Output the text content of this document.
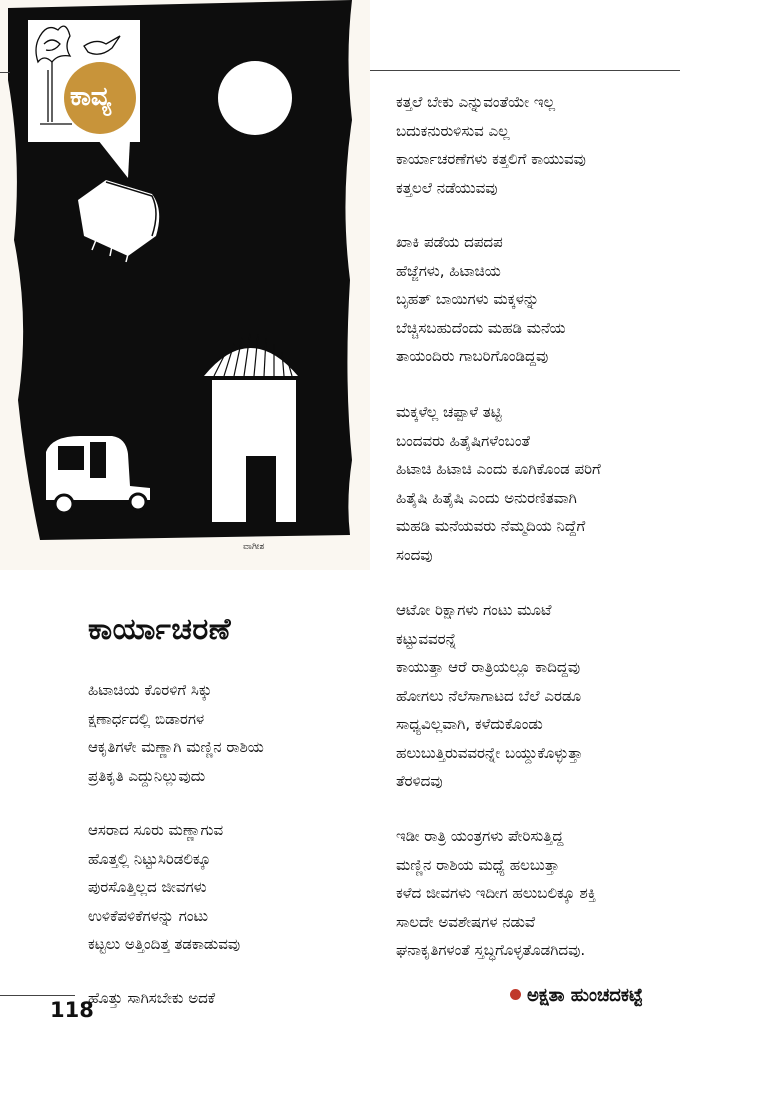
ಕಾವ್ಯ
ವಾಗೀಶ
ಕಾರ್ಯಾಚರಣೆ
ಹಿಟಾಚಿಯ ಕೊರಳಿಗೆ ಸಿಕ್ಕು
ಕ್ಷಣಾರ್ಧದಲ್ಲಿ ಬಿಡಾರಗಳ
ಆಕೃತಿಗಳೇ ಮಣ್ಣಾಗಿ ಮಣ್ಣಿನ ರಾಶಿಯ
ಪ್ರತಿಕೃತಿ ಎದ್ದುನಿಲ್ಲುವುದು
ಆಸರಾದ ಸೂರು ಮಣ್ಣಾಗುವ
ಹೊತ್ತಲ್ಲಿ ನಿಟ್ಟುಸಿರಿಡಲಿಕ್ಕೂ
ಪುರಸೊತ್ತಿಲ್ಲದ ಜೀವಗಳು
ಉಳಿಕೆಪಳಿಕೆಗಳನ್ನು ಗಂಟು
ಕಟ್ಟಲು ಅತ್ತಿಂದಿತ್ತ ತಡಕಾಡುವವು
ಹೊತ್ತು ಸಾಗಿಸಬೇಕು ಅದಕೆ
ಕತ್ತಲೆ ಬೇಕು ಎನ್ನುವಂತೆಯೇ ಇಲ್ಲ
ಬದುಕನುರುಳಿಸುವ ಎಲ್ಲ
ಕಾರ್ಯಾಚರಣೆಗಳು ಕತ್ತಲಿಗೆ ಕಾಯುವವು
ಕತ್ತಲಲೆ ನಡೆಯುವವು
ಖಾಕಿ ಪಡೆಯ ದಪದಪ
ಹೆಜ್ಜೆಗಳು, ಹಿಟಾಚಿಯ
ಬೃಹತ್ ಬಾಯಿಗಳು ಮಕ್ಕಳನ್ನು
ಬೆಚ್ಚಿಸಬಹುದೆಂದು ಮಹಡಿ ಮನೆಯ
ತಾಯಂದಿರು ಗಾಬರಿಗೊಂಡಿದ್ದವು
ಮಕ್ಕಳೆಲ್ಲ ಚಪ್ಪಾಳೆ ತಟ್ಟಿ
ಬಂದವರು ಹಿತೈಷಿಗಳೆಂಬಂತೆ
ಹಿಟಾಚಿ ಹಿಟಾಚಿ ಎಂದು ಕೂಗಿಕೊಂಡ ಪರಿಗೆ
ಹಿತೈಷಿ ಹಿತೈಷಿ ಎಂದು ಅನುರಣಿತವಾಗಿ
ಮಹಡಿ ಮನೆಯವರು ನೆಮ್ಮದಿಯ ನಿದ್ದೆಗೆ
ಸಂದವು
ಆಟೋ ರಿಕ್ಷಾಗಳು ಗಂಟು ಮೂಟೆ
ಕಟ್ಟುವವರನ್ನೆ
ಕಾಯುತ್ತಾ ಆರೆ ರಾತ್ರಿಯಲ್ಲೂ ಕಾದಿದ್ದವು
ಹೋಗಲು ನೆಲೆಸಾಗಾಟದ ಬೆಲೆ ಎರಡೂ
ಸಾಧ್ಯವಿಲ್ಲವಾಗಿ, ಕಳೆದುಕೊಂಡು
ಹಲುಬುತ್ತಿರುವವರನ್ನೇ ಬಯ್ದುಕೊಳ್ಳುತ್ತಾ
ತೆರಳಿದವು
ಇಡೀ ರಾತ್ರಿ ಯಂತ್ರಗಳು ಪೇರಿಸುತ್ತಿದ್ದ
ಮಣ್ಣಿನ ರಾಶಿಯ ಮಧ್ಯೆ ಹಲಬುತ್ತಾ
ಕಳೆದ ಜೀವಗಳು ಇದೀಗ ಹಲುಬಲಿಕ್ಕೂ ಶಕ್ತಿ
ಸಾಲದೇ ಅವಶೇಷಗಳ ನಡುವೆ
ಘನಾಕೃತಿಗಳಂತೆ ಸ್ತಬ್ಧಗೊಳ್ಳತೊಡಗಿದವು.
ಅಕ್ಷತಾ ಹುಂಚದಕಟ್ಟೆ
118
